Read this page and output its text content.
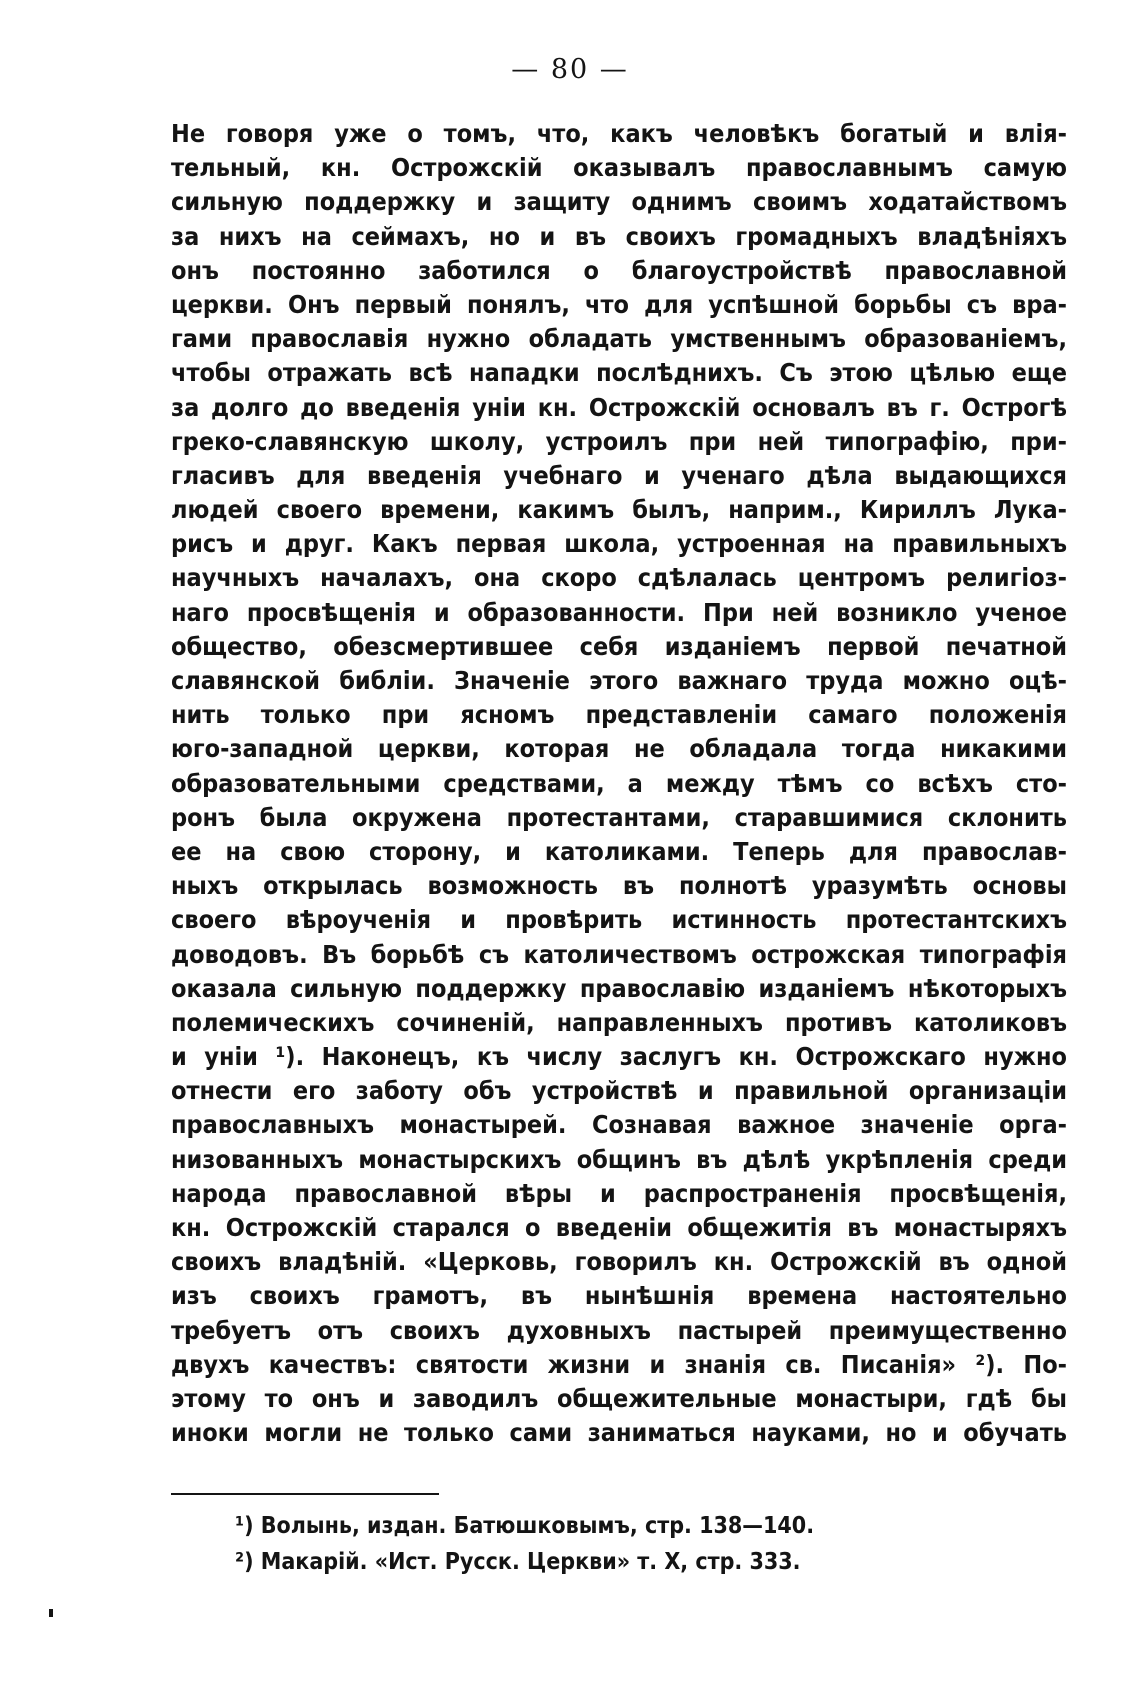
— 80 —
Не говоря уже о томъ, что, какъ человѣкъ богатый и влія-
тельный, кн. Острожскій оказывалъ православнымъ самую
сильную поддержку и защиту однимъ своимъ ходатайствомъ
за нихъ на сеймахъ, но и въ своихъ громадныхъ владѣніяхъ
онъ постоянно заботился о благоустройствѣ православной
церкви. Онъ первый понялъ, что для успѣшной борьбы съ вра-
гами православія нужно обладать умственнымъ образованіемъ,
чтобы отражать всѣ нападки послѣднихъ. Съ этою цѣлью еще
за долго до введенія уніи кн. Острожскій основалъ въ г. Острогѣ
греко-славянскую школу, устроилъ при ней типографію, при-
гласивъ для введенія учебнаго и ученаго дѣла выдающихся
людей своего времени, какимъ былъ, наприм., Кириллъ Лука-
рисъ и друг. Какъ первая школа, устроенная на правильныхъ
научныхъ началахъ, она скоро сдѣлалась центромъ религіоз-
наго просвѣщенія и образованности. При ней возникло ученое
общество, обезсмертившее себя изданіемъ первой печатной
славянской библіи. Значеніе этого важнаго труда можно оцѣ-
нить только при ясномъ представленіи самаго положенія
юго-западной церкви, которая не обладала тогда никакими
образовательными средствами, а между тѣмъ со всѣхъ сто-
ронъ была окружена протестантами, старавшимися склонить
ее на свою сторону, и католиками. Теперь для православ-
ныхъ открылась возможность въ полнотѣ уразумѣть основы
своего вѣроученія и провѣрить истинность протестантскихъ
доводовъ. Въ борьбѣ съ католичествомъ острожская типографія
оказала сильную поддержку православію изданіемъ нѣкоторыхъ
полемическихъ сочиненій, направленныхъ противъ католиковъ
и уніи ¹). Наконецъ, къ числу заслугъ кн. Острожскаго нужно
отнести его заботу объ устройствѣ и правильной организаціи
православныхъ монастырей. Сознавая важное значеніе орга-
низованныхъ монастырскихъ общинъ въ дѣлѣ укрѣпленія среди
народа православной вѣры и распространенія просвѣщенія,
кн. Острожскій старался о введеніи общежитія въ монастыряхъ
своихъ владѣній. «Церковь, говорилъ кн. Острожскій въ одной
изъ своихъ грамотъ, въ нынѣшнія времена настоятельно
требуетъ отъ своихъ духовныхъ пастырей преимущественно
двухъ качествъ: святости жизни и знанія св. Писанія» ²). По-
этому то онъ и заводилъ общежительные монастыри, гдѣ бы
иноки могли не только сами заниматься науками, но и обучать
¹) Волынь, издан. Батюшковымъ, стр. 138—140.
²) Макарій. «Ист. Русск. Церкви» т. X, стр. 333.
